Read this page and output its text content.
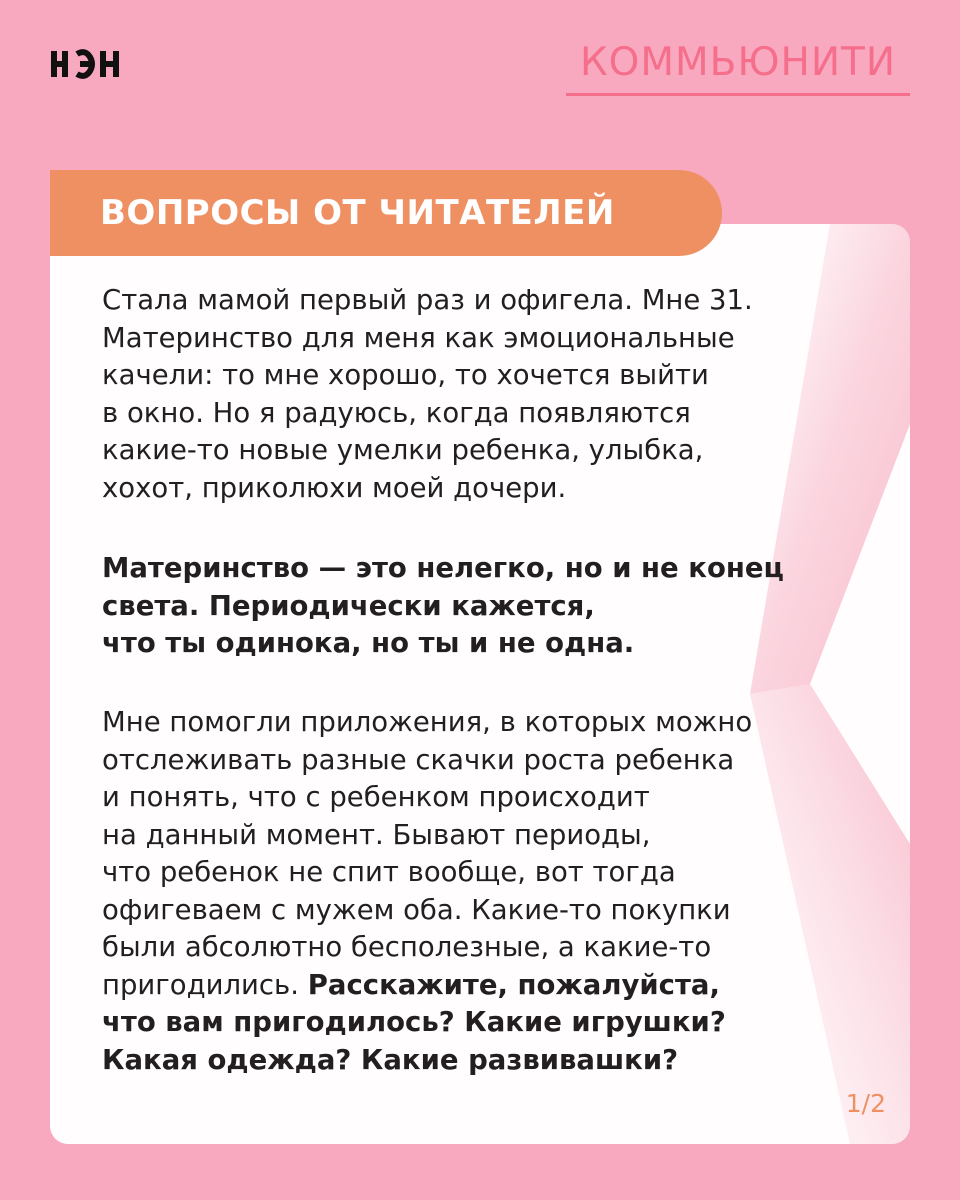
КОММЬЮНИТИ
ВОПРОСЫ ОТ ЧИТАТЕЛЕЙ
Стала мамой первый раз и офигела. Мне 31.
Материнство для меня как эмоциональные
качели: то мне хорошо, то хочется выйти
в окно. Но я радуюсь, когда появляются
какие-то новые умелки ребенка, улыбка,
хохот, приколюхи моей дочери.
Материнство — это нелегко, но и не конец
света. Периодически кажется,
что ты одинока, но ты и не одна.
Мне помогли приложения, в которых можно
отслеживать разные скачки роста ребенка
и понять, что с ребенком происходит
на данный момент. Бывают периоды,
что ребенок не спит вообще, вот тогда
офигеваем с мужем оба. Какие-то покупки
были абсолютно бесполезные, а какие-то
пригодились. Расскажите, пожалуйста,
что вам пригодилось? Какие игрушки?
Какая одежда? Какие развивашки?
1/2
